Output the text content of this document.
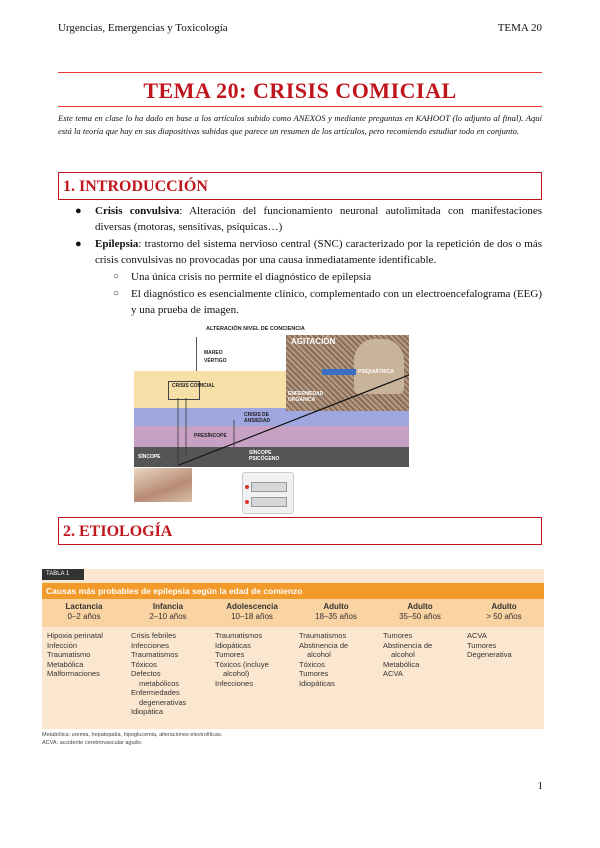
Urgencias, Emergencias y Toxicología	TEMA 20
TEMA 20: CRISIS COMICIAL
Este tema en clase lo ha dado en base a los artículos subido como ANEXOS y mediante preguntas en KAHOOT (lo adjunto al final). Aquí está la teoría que hay en sus diapositivas subidas que parece un resumen de los artículos, pero recomiendo estudiar todo en conjunto.
1. INTRODUCCIÓN
● Crisis convulsiva: Alteración del funcionamiento neuronal autolimitada con manifestaciones diversas (motoras, sensitivas, psíquicas…)
● Epilepsia: trastorno del sistema nervioso central (SNC) caracterizado por la repetición de dos o más crisis convulsivas no provocadas por una causa inmediatamente identificable.
○ Una única crisis no permite el diagnóstico de epilepsia
○ El diagnóstico es esencialmente clínico, complementado con un electroencefalograma (EEG) y una prueba de imagen.
ALTERACIÓN NIVEL DE CONCIENCIA
AGITACIÓN
MAREO
VÉRTIGO
CRISIS COMICIAL
PSIQUIÁTRICA
ENFERMEDAD ORGÁNICA
CRISIS DE ANSIEDAD
PRESÍNCOPE
SÍNCOPE
SÍNCOPE PSICÓGENO
2. ETIOLOGÍA
TABLA 1
Causas más probables de epilepsia según la edad de comienzo
Lactancia
0–2 años
Hipoxia perinatal
Infección
Traumatismo
Metabólica
Malformaciones
Infancia
2–10 años
Crisis febriles
Infecciones
Traumatismos
Tóxicos
Defectos
metabólicos
Enfermedades
degenerativas
Idiopática
Adolescencia
10–18 años
Traumatismos
Idiopáticas
Tumores
Tóxicos (incluye
alcohol)
Infecciones
Adulto
18–35 años
Traumatismos
Abstinencia de
alcohol
Tóxicos
Tumores
Idiopáticas
Adulto
35–50 años
Tumores
Abstinencia de
alcohol
Metabólica
ACVA
Adulto
> 50 años
ACVA
Tumores
Degenerativa
Metabólica: uremia, hepatopatía, hipoglucemia, alteraciones electrolíticas.
ACVA: accidente cerebrovascular agudo.
1
